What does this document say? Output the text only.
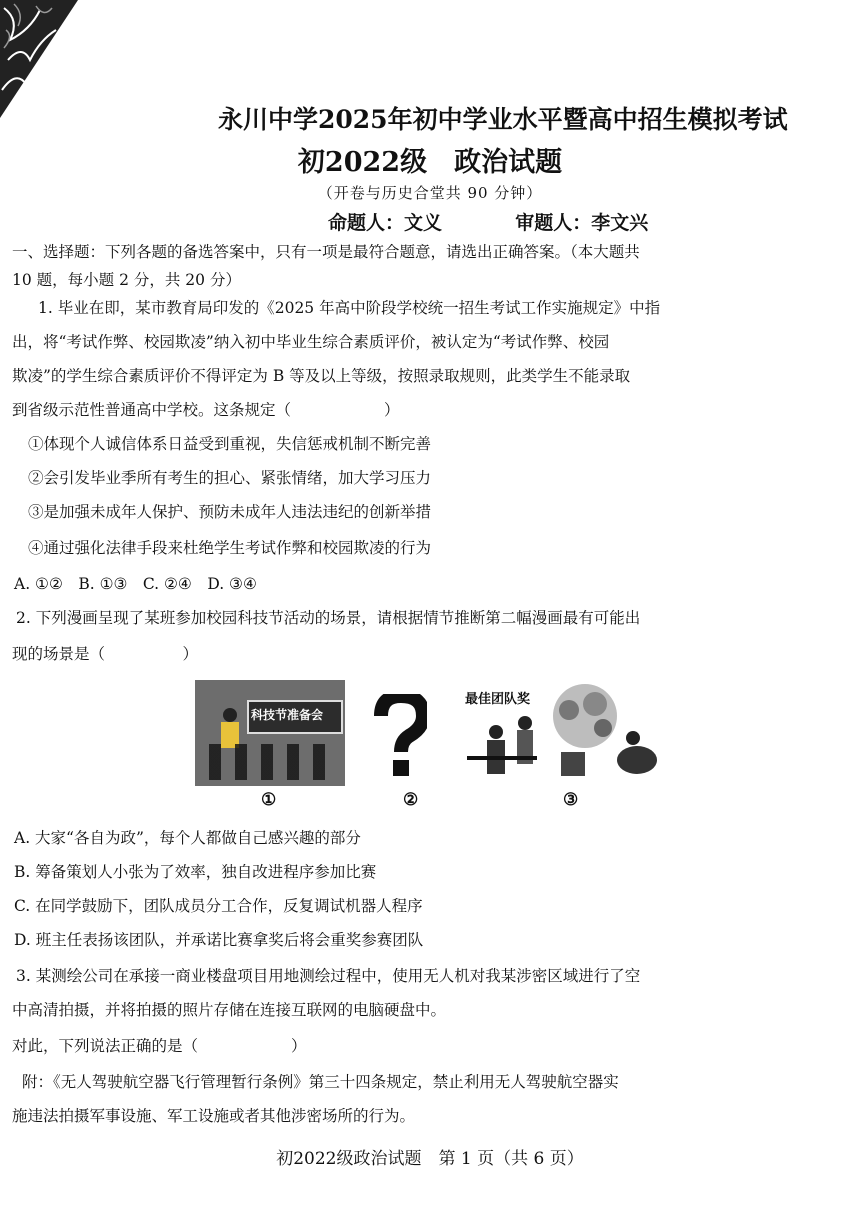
永川中学2025年初中学业水平暨高中招生模拟考试
初2022级　政治试题
（开卷与历史合堂共 90 分钟）
命题人：文义	审题人：李文兴
一、选择题：下列各题的备选答案中，只有一项是最符合题意，请选出正确答案。（本大题共
10 题，每小题 2 分，共 20 分）
1. 毕业在即，某市教育局印发的《2025 年高中阶段学校统一招生考试工作实施规定》中指
出，将“考试作弊、校园欺凌”纳入初中毕业生综合素质评价，被认定为“考试作弊、校园
欺凌”的学生综合素质评价不得评定为 B 等及以上等级，按照录取规则，此类学生不能录取
到省级示范性普通高中学校。这条规定（　　　　　　）
①体现个人诚信体系日益受到重视，失信惩戒机制不断完善
②会引发毕业季所有考生的担心、紧张情绪，加大学习压力
③是加强未成年人保护、预防未成年人违法违纪的创新举措
④通过强化法律手段来杜绝学生考试作弊和校园欺凌的行为
A. ①②　B. ①③　C. ②④　D. ③④
2. 下列漫画呈现了某班参加校园科技节活动的场景，请根据情节推断第二幅漫画最有可能出
现的场景是（　　　　　）
科技节准备会
①	②
最佳团队奖
③
A. 大家“各自为政”，每个人都做自己感兴趣的部分
B. 筹备策划人小张为了效率，独自改进程序参加比赛
C. 在同学鼓励下，团队成员分工合作，反复调试机器人程序
D. 班主任表扬该团队，并承诺比赛拿奖后将会重奖参赛团队
3. 某测绘公司在承接一商业楼盘项目用地测绘过程中，使用无人机对我某涉密区域进行了空
中高清拍摄，并将拍摄的照片存储在连接互联网的电脑硬盘中。
对此，下列说法正确的是（　　　　　　）
附：《无人驾驶航空器飞行管理暂行条例》第三十四条规定，禁止利用无人驾驶航空器实
施违法拍摄军事设施、军工设施或者其他涉密场所的行为。
初2022级政治试题　第 1 页（共 6 页）
